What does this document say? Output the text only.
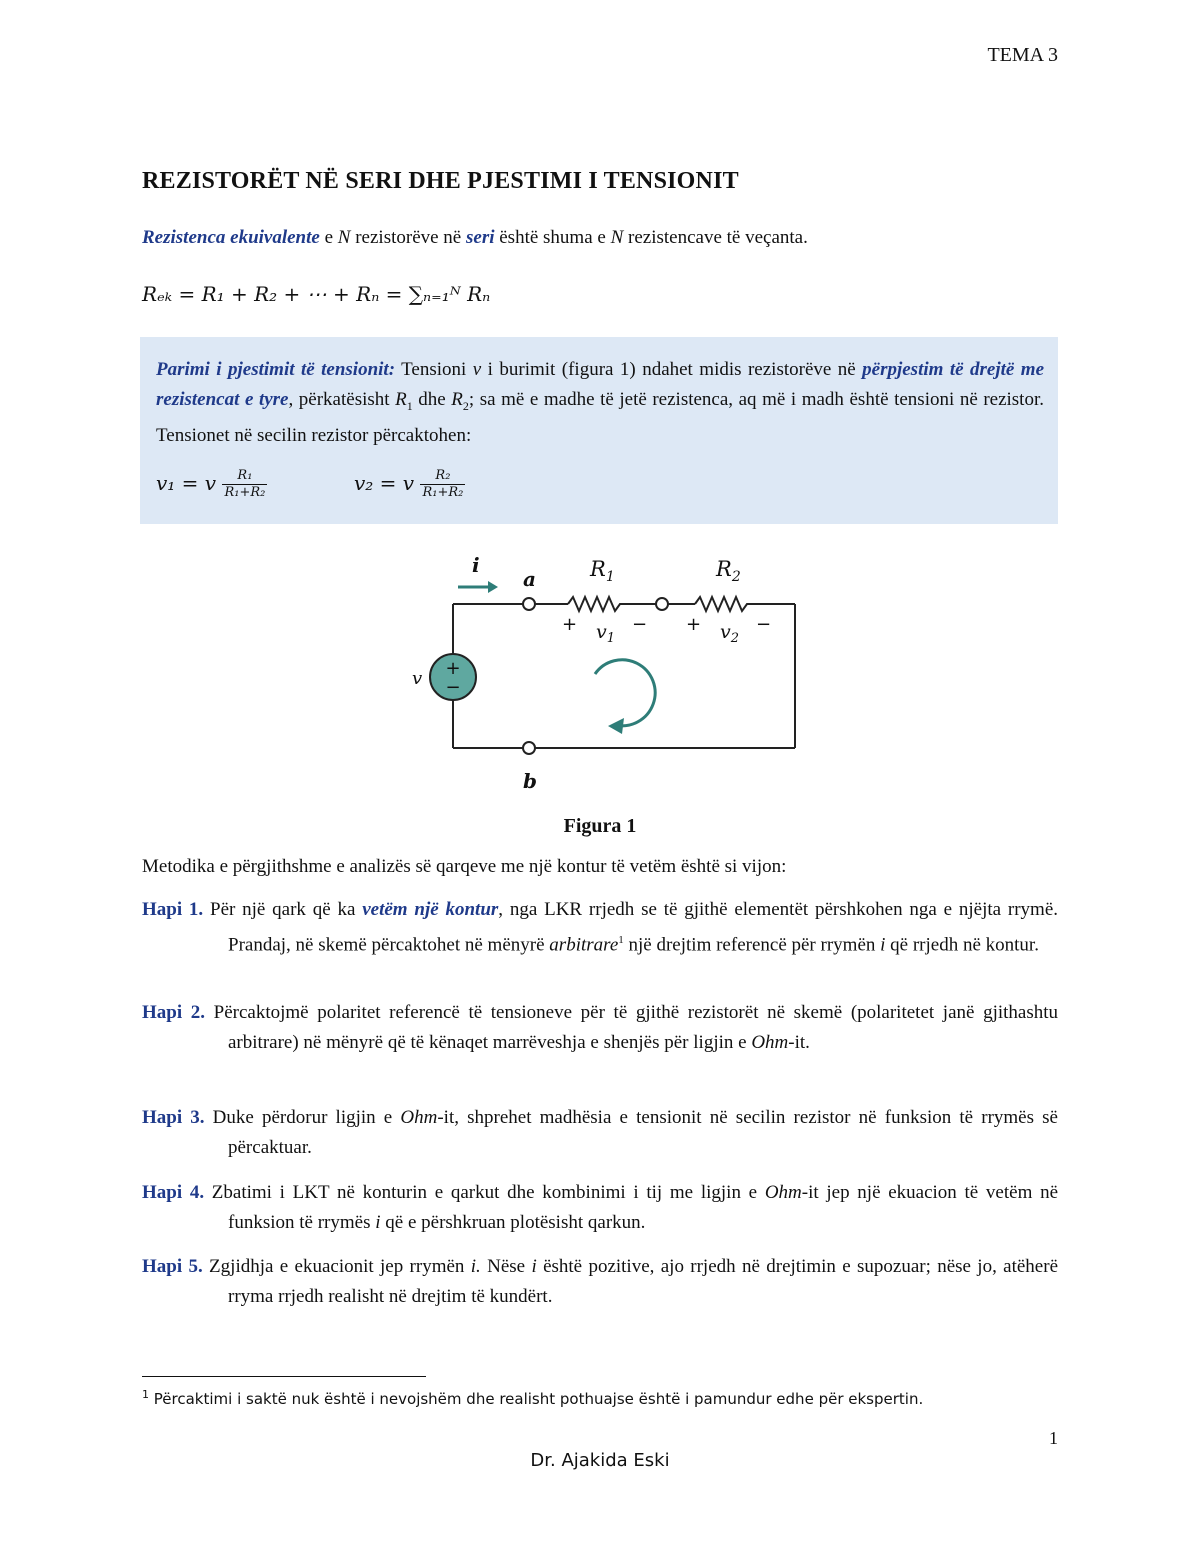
TEMA 3
REZISTORËT NË SERI DHE PJESTIMI I TENSIONIT
Rezistenca ekuivalente e N rezistorëve në seri është shuma e N rezistencave të veçanta.
Rₑₖ = R₁ + R₂ + ⋯ + Rₙ = ∑ₙ₌₁ᴺ Rₙ
Parimi i pjestimit të tensionit: Tensioni v i burimit (figura 1) ndahet midis rezistorëve në përpjestim të drejtë me rezistencat e tyre, përkatësisht $R_1$ dhe $R_2$; sa më e madhe të jetë rezistenca, aq më i madh është tensioni në rezistor. Tensionet në secilin rezistor përcaktohen:
v₁ = v $\frac{\text{R₁}}{\text{R₁+R₂}}$	v₂ = v $\frac{\text{R₂}}{\text{R₁+R₂}}$
+
−
v
i
a
b
$R_1$	$R_2$
+ $v_1$
− + $v_2$
−
Figura 1
Metodika e përgjithshme e analizës së qarqeve me një kontur të vetëm është si vijon:
Hapi 1. Për një qark që ka vetëm një kontur, nga LKR rrjedh se të gjithë elementët përshkohen nga e njëjta rrymë. Prandaj, në skemë përcaktohet në mënyrë arbitrare$^1$ një drejtim referencë për rrymën i që rrjedh në kontur.
Hapi 2. Përcaktojmë polaritet referencë të tensioneve për të gjithë rezistorët në skemë (polaritetet janë gjithashtu arbitrare) në mënyrë që të kënaqet marrëveshja e shenjës për ligjin e Ohm-it.
Hapi 3. Duke përdorur ligjin e Ohm-it, shprehet madhësia e tensionit në secilin rezistor në funksion të rrymës së përcaktuar.
Hapi 4. Zbatimi i LKT në konturin e qarkut dhe kombinimi i tij me ligjin e Ohm-it jep një ekuacion të vetëm në funksion të rrymës i që e përshkruan plotësisht qarkun.
Hapi 5. Zgjidhja e ekuacionit jep rrymën i. Nëse i është pozitive, ajo rrjedh në drejtimin e supozuar; nëse jo, atëherë rryma rrjedh realisht në drejtim të kundërt.
$^1$ Përcaktimi i saktë nuk është i nevojshëm dhe realisht pothuajse është i pamundur edhe për ekspertin.
1
Dr. Ajakida Eski
